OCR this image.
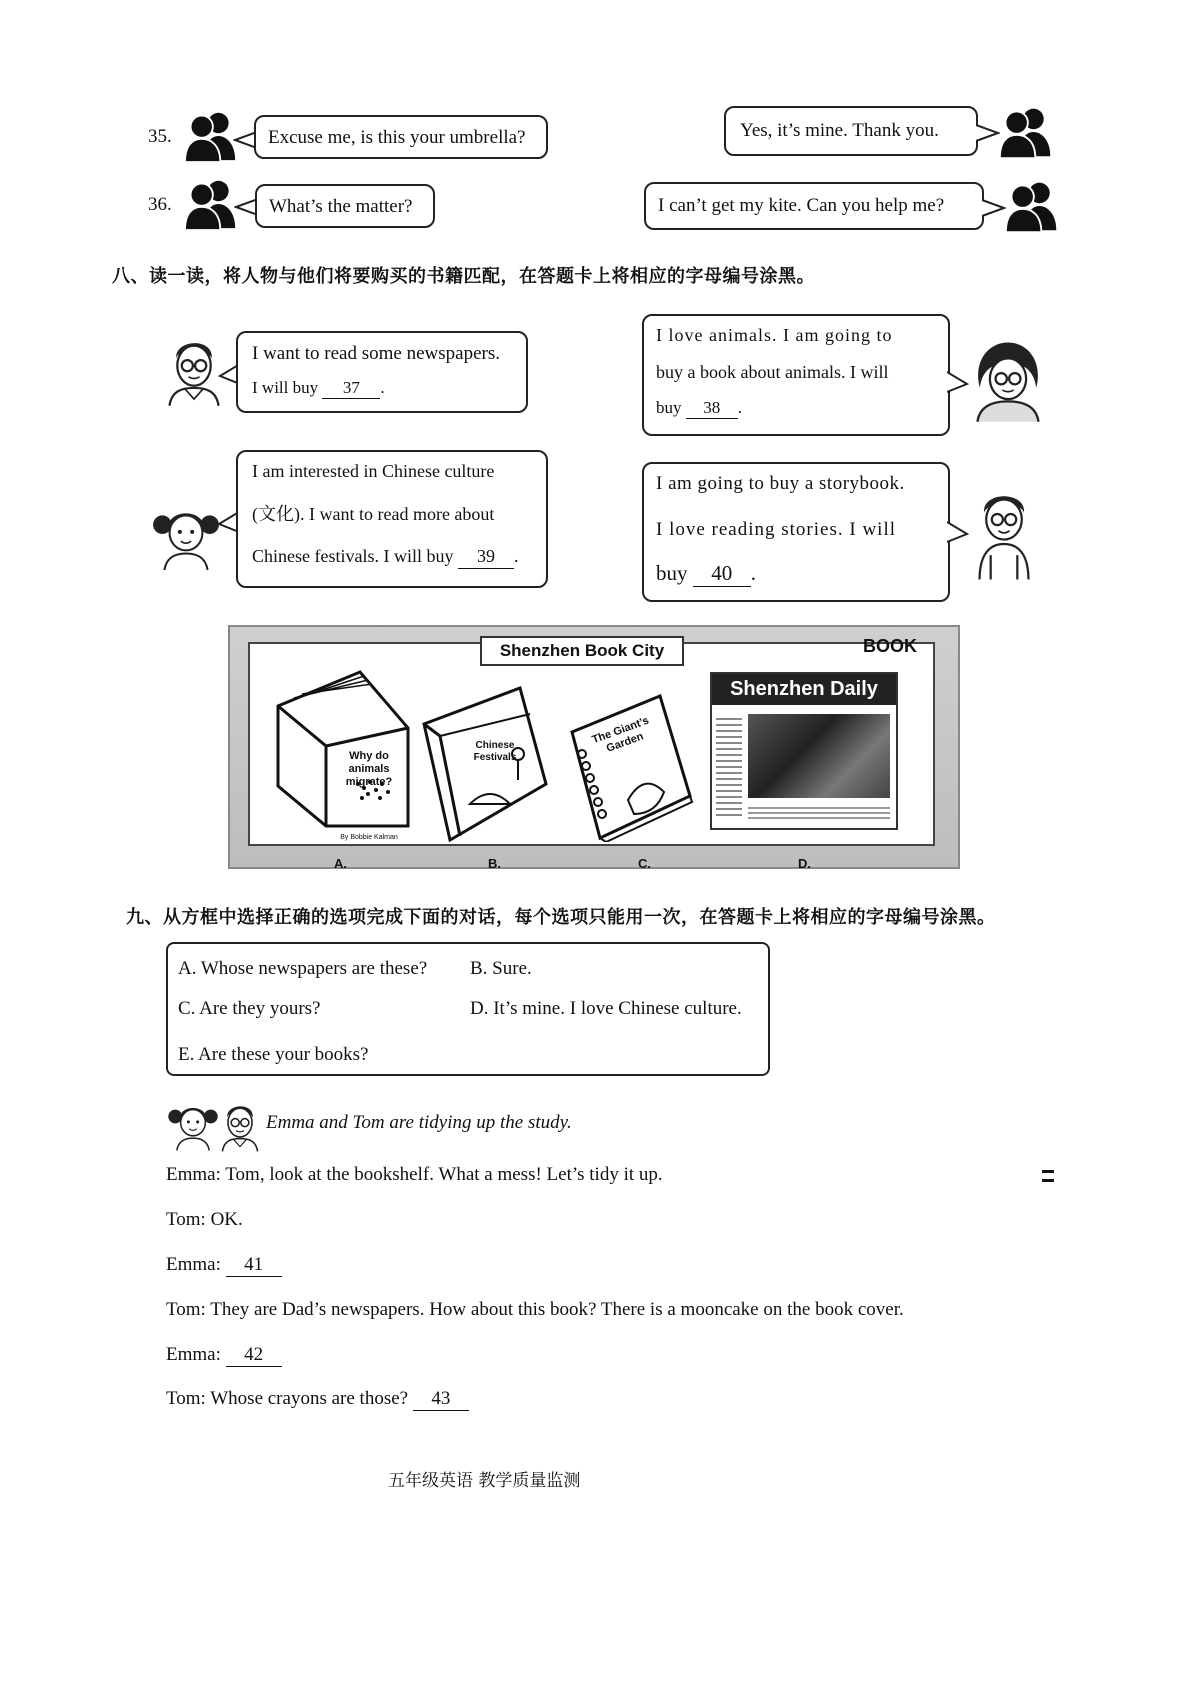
35.	Excuse me, is this your umbrella?	Yes, it’s mine. Thank you.
36.	What’s the matter?	I can’t get my kite. Can you help me?
八、读一读，将人物与他们将要购买的书籍匹配，在答题卡上将相应的字母编号涂黑。
I want to read some newspapers.
I will buy 37 .
I love animals. I am going to
buy a book about animals. I will
buy 38 .
I am interested in Chinese culture
(文化). I want to read more about
Chinese festivals. I will buy 39 .
I am going to buy a storybook.
I love reading stories. I will
buy 40 .
Shenzhen Book City	BOOK
Why do animals migrate?
By Bobbie Kalman
A.
Chinese Festivals
B.
The Giant’s Garden
C.
Shenzhen Daily
D.
九、从方框中选择正确的选项完成下面的对话，每个选项只能用一次，在答题卡上将相应的字母编号涂黑。
A. Whose newspapers are these? B. Sure.
C. Are they yours?	D. It’s mine. I love Chinese culture.
E. Are these your books?
Emma and Tom are tidying up the study.
Emma: Tom, look at the bookshelf. What a mess! Let’s tidy it up.
Tom: OK.
Emma: 41
Tom: They are Dad’s newspapers. How about this book? There is a mooncake on the book cover.
Emma: 42
Tom: Whose crayons are those? 43
五年级英语 教学质量监测
